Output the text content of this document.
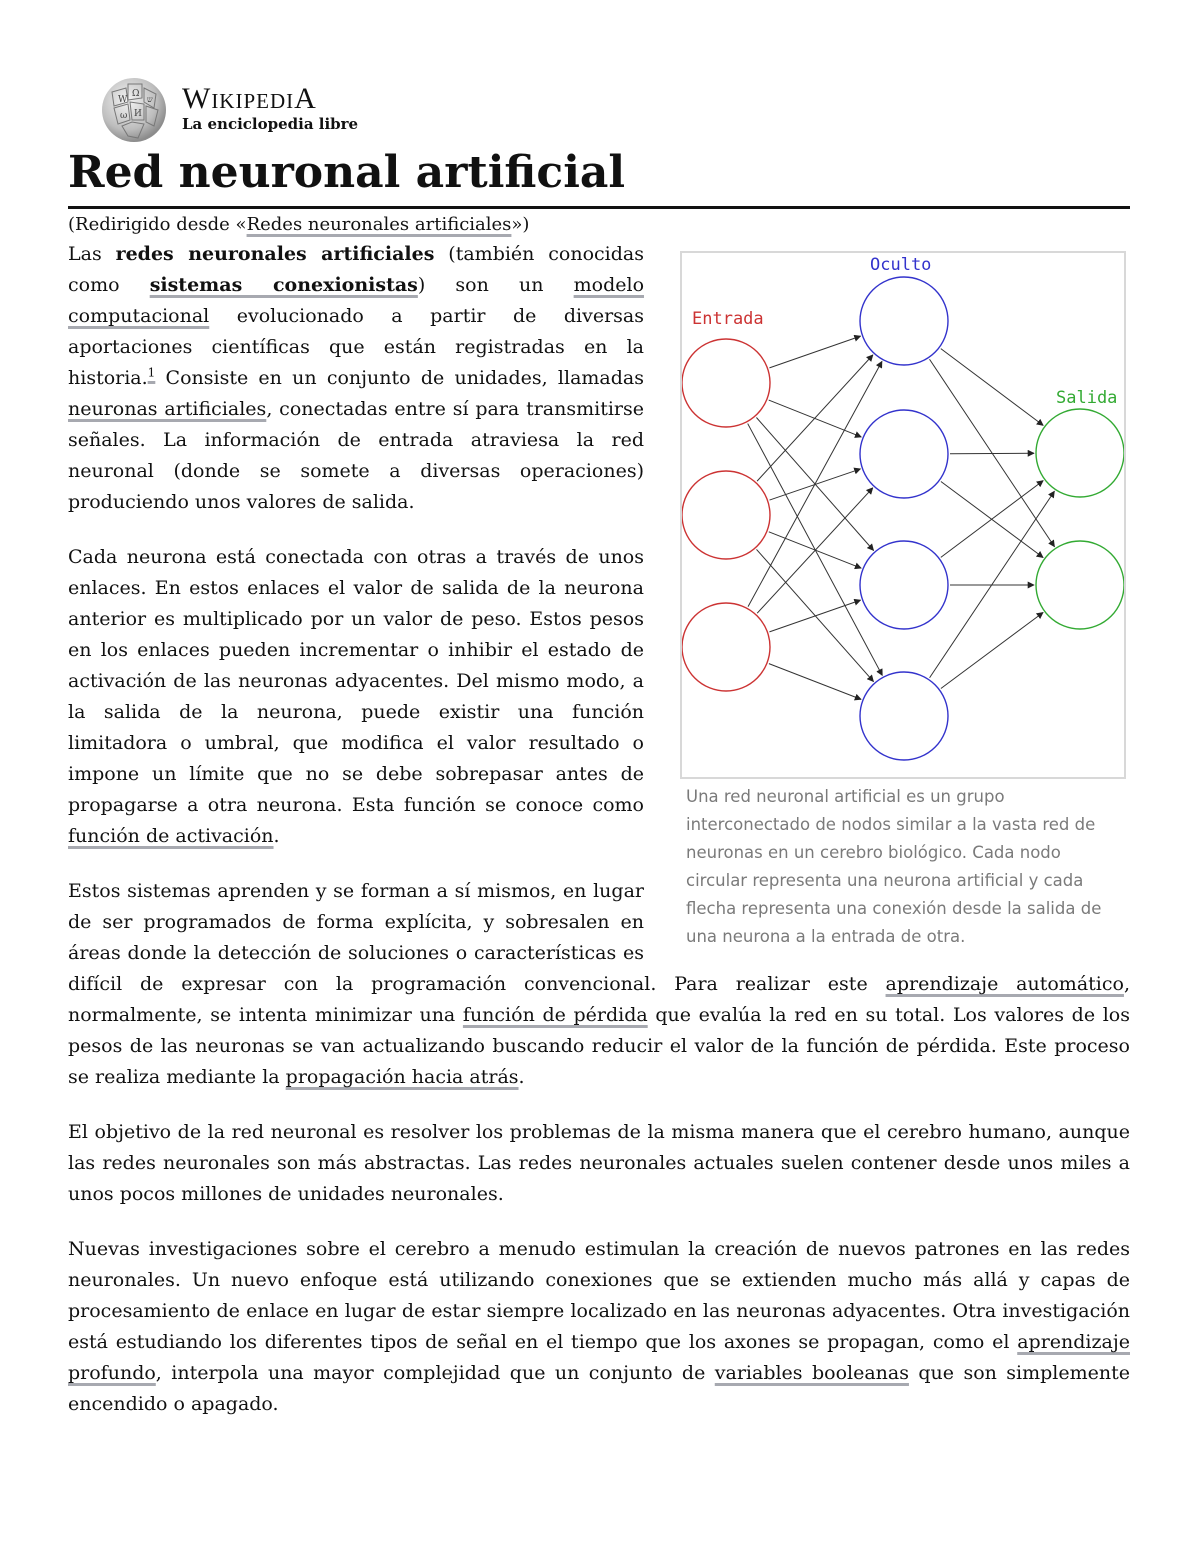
W
Ω
И
ω
ש WikipediA
La enciclopedia libre
Red neuronal artificial
(Redirigido desde «Redes neuronales artificiales»)
Entrada
Oculto
Salida
Una red neuronal artificial es un grupo interconectado de nodos similar a la vasta red de neuronas en un cerebro biológico. Cada nodo circular representa una neurona artificial y cada flecha representa una conexión desde la salida de una neurona a la entrada de otra.

Las redes neuronales artificiales (también conocidas como sistemas conexionistas) son un modelo computacional evolucionado a partir de diversas aportaciones científicas que están registradas en la historia.$^1$ Consiste en un conjunto de unidades, llamadas neuronas artificiales, conectadas entre sí para transmitirse señales. La información de entrada atraviesa la red neuronal (donde se somete a diversas operaciones) produciendo unos valores de salida.

Cada neurona está conectada con otras a través de unos enlaces. En estos enlaces el valor de salida de la neurona anterior es multiplicado por un valor de peso. Estos pesos en los enlaces pueden incrementar o inhibir el estado de activación de las neuronas adyacentes. Del mismo modo, a la salida de la neurona, puede existir una función limitadora o umbral, que modifica el valor resultado o impone un límite que no se debe sobrepasar antes de propagarse a otra neurona. Esta función se conoce como función de activación.

Estos sistemas aprenden y se forman a sí mismos, en lugar de ser programados de forma explícita, y sobresalen en áreas donde la detección de soluciones o características es difícil de expresar con la programación convencional. Para realizar este aprendizaje automático, normalmente, se intenta minimizar una función de pérdida que evalúa la red en su total. Los valores de los pesos de las neuronas se van actualizando buscando reducir el valor de la función de pérdida. Este proceso se realiza mediante la propagación hacia atrás.

El objetivo de la red neuronal es resolver los problemas de la misma manera que el cerebro humano, aunque las redes neuronales son más abstractas. Las redes neuronales actuales suelen contener desde unos miles a unos pocos millones de unidades neuronales.

Nuevas investigaciones sobre el cerebro a menudo estimulan la creación de nuevos patrones en las redes neuronales. Un nuevo enfoque está utilizando conexiones que se extienden mucho más allá y capas de procesamiento de enlace en lugar de estar siempre localizado en las neuronas adyacentes. Otra investigación está estudiando los diferentes tipos de señal en el tiempo que los axones se propagan, como el aprendizaje profundo, interpola una mayor complejidad que un conjunto de variables booleanas que son simplemente encendido o apagado.
